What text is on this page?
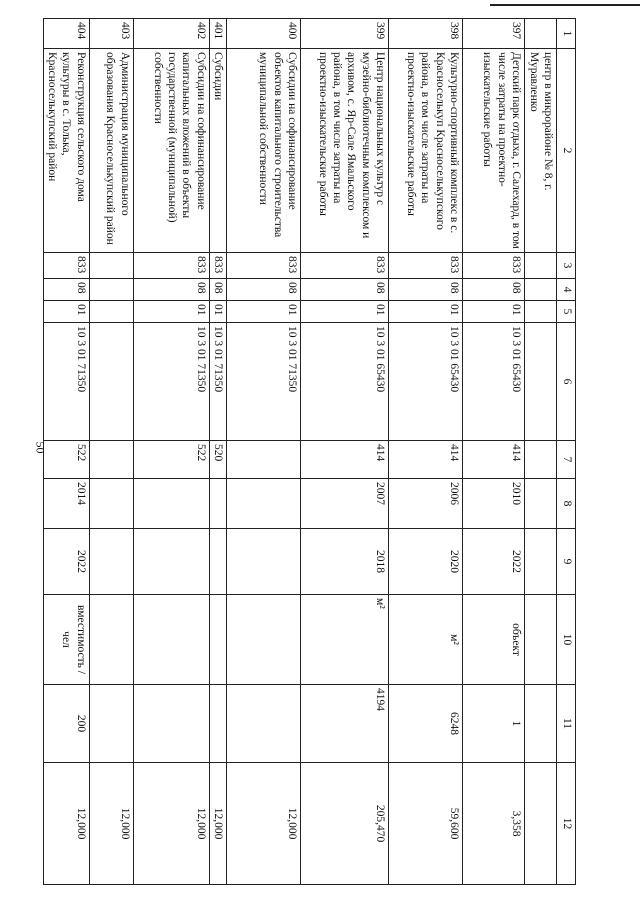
50
1	2	3	4	5	6	7	8	9	10	11	12
	центр в микрорайоне № 8, г. Муравленко										
397	Детский парк отдыха, г. Салехард, в том числе затраты на проектно-изыскательские работы	833	08	01	10 3 01 65430	414	2010	2022	объект	1	3,358
398	Культурно-спортивный комплекс в с. Красноселькуп Красноселькупского района, в том числе затраты на проектно-изыскательские работы	833	08	01	10 3 01 65430	414	2006	2020	м²	6248	59,600
399	Центр национальных культур с музейно-библиотечным комплексом и архивом, с. Яр-Сале Ямальского района, в том числе затраты на проектно-изыскательские работы	833	08	01	10 3 01 65430	414	2007	2018	м²	4194	205,470
400	Субсидии на софинансирование объектов капитального строительства муниципальной собственности	833	08	01	10 3 01 71350						12,000
401	Субсидии	833	08	01	10 3 01 71350	520					12,000
402	Субсидии на софинансирование капитальных вложений в объекты государственной (муниципальной) собственности	833	08	01	10 3 01 71350	522					12,000
403	Администрация муниципального образования Красноселькупский район										12,000
404	Реконструкция сельского дома культуры в с. Толька, Красноселькупский район	833	08	01	10 3 01 71350	522	2014	2022	вместимость /чел	200	12,000
